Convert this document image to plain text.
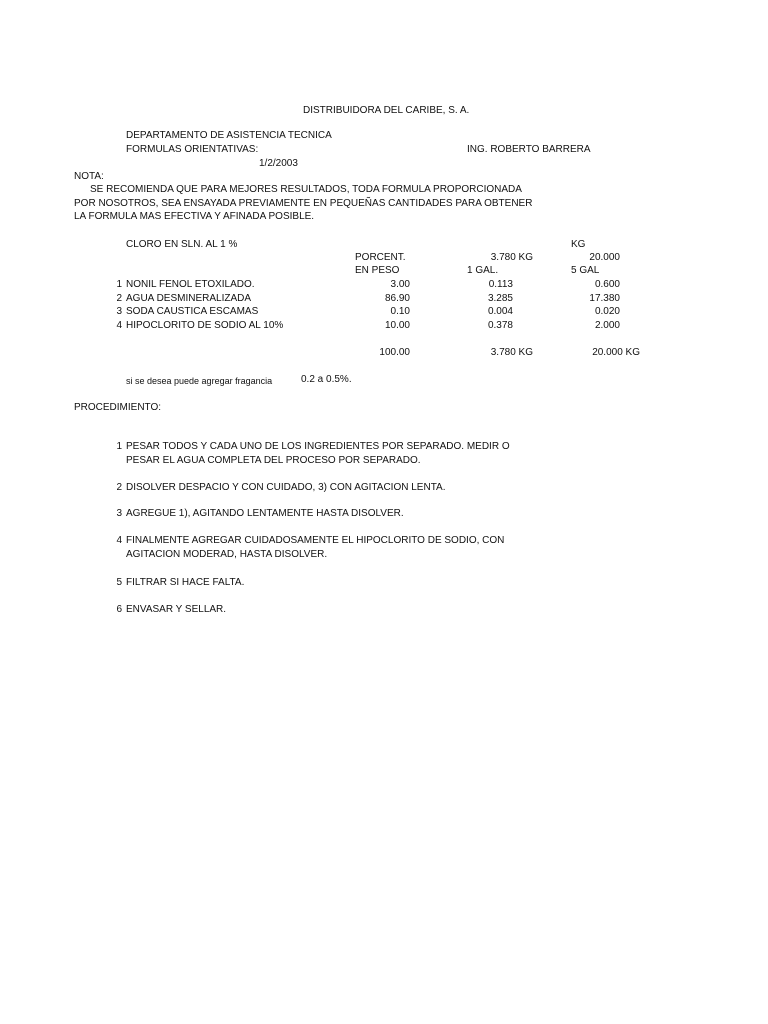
DISTRIBUIDORA DEL CARIBE, S. A.
DEPARTAMENTO DE ASISTENCIA TECNICA
FORMULAS ORIENTATIVAS:	ING. ROBERTO BARRERA
1/2/2003
NOTA:
SE RECOMIENDA QUE PARA MEJORES RESULTADOS, TODA FORMULA PROPORCIONADA
POR NOSOTROS, SEA ENSAYADA PREVIAMENTE EN PEQUEÑAS CANTIDADES PARA OBTENER
LA FORMULA MAS EFECTIVA Y AFINADA POSIBLE.
CLORO EN SLN. AL 1 %	KG
PORCENT.	3.780 KG	20.000
EN PESO	1 GAL.	5 GAL
1 NONIL FENOL ETOXILADO.	3.00	0.113	0.600
2 AGUA DESMINERALIZADA	86.90	3.285	17.380
3 SODA CAUSTICA ESCAMAS	0.10	0.004	0.020
4 HIPOCLORITO DE SODIO AL 10%	10.00	0.378	2.000
100.00	3.780 KG	20.000 KG
si se desea puede agregar fragancia	0.2 a 0.5%.
PROCEDIMIENTO:
1 PESAR TODOS Y CADA UNO DE LOS INGREDIENTES POR SEPARADO. MEDIR O
PESAR EL AGUA COMPLETA DEL PROCESO POR SEPARADO.
2 DISOLVER DESPACIO Y CON CUIDADO, 3) CON AGITACION LENTA.
3 AGREGUE 1), AGITANDO LENTAMENTE HASTA DISOLVER.
4 FINALMENTE AGREGAR CUIDADOSAMENTE EL HIPOCLORITO DE SODIO, CON
AGITACION MODERAD, HASTA DISOLVER.
5 FILTRAR SI HACE FALTA.
6 ENVASAR Y SELLAR.
